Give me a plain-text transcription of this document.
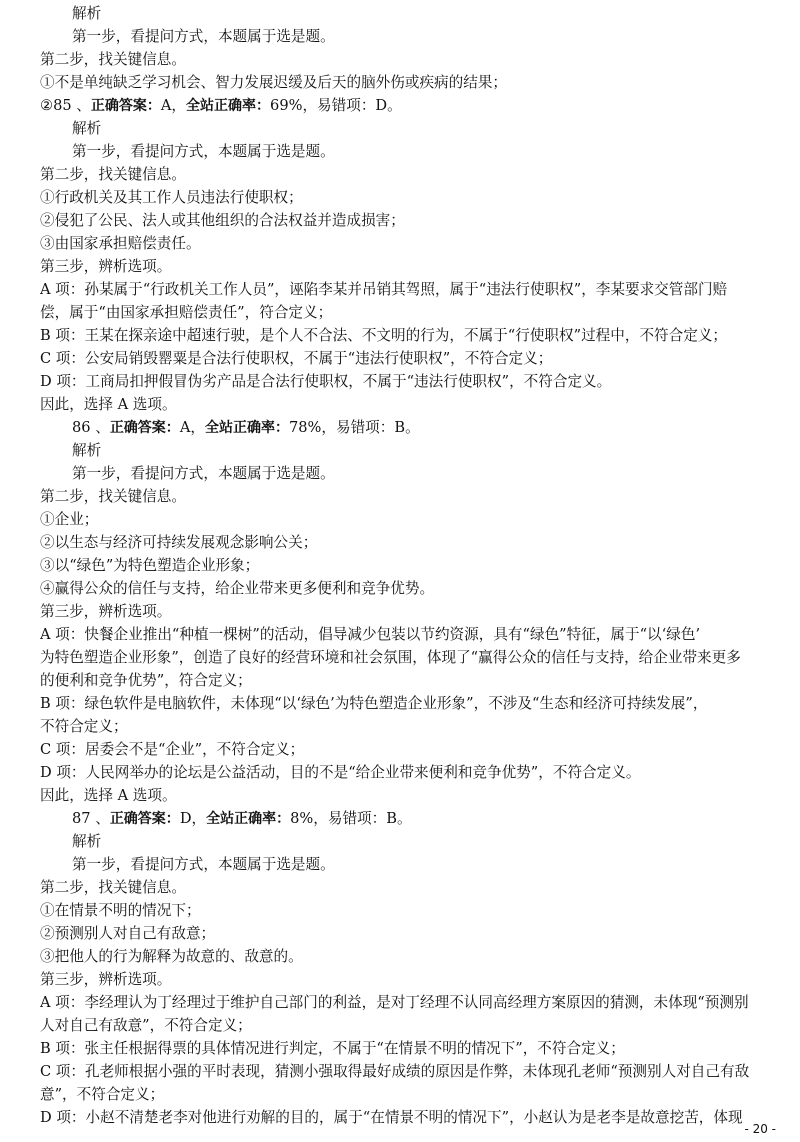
解析
第一步，看提问方式，本题属于选是题。
第二步，找关键信息。
①不是单纯缺乏学习机会、智力发展迟缓及后天的脑外伤或疾病的结果；
②85 、正确答案：A，全站正确率：69%，易错项：D。
解析
第一步，看提问方式，本题属于选是题。
第二步，找关键信息。
①行政机关及其工作人员违法行使职权；
②侵犯了公民、法人或其他组织的合法权益并造成损害；
③由国家承担赔偿责任。
第三步，辨析选项。
A 项：孙某属于“行政机关工作人员”，诬陷李某并吊销其驾照，属于“违法行使职权”，李某要求交管部门赔
偿，属于“由国家承担赔偿责任”，符合定义；
B 项：王某在探亲途中超速行驶，是个人不合法、不文明的行为，不属于“行使职权”过程中，不符合定义；
C 项：公安局销毁罂粟是合法行使职权，不属于“违法行使职权”，不符合定义；
D 项：工商局扣押假冒伪劣产品是合法行使职权，不属于“违法行使职权”，不符合定义。
因此，选择 A 选项。
86 、正确答案：A，全站正确率：78%，易错项：B。
解析
第一步，看提问方式，本题属于选是题。
第二步，找关键信息。
①企业；
②以生态与经济可持续发展观念影响公关；
③以“绿色”为特色塑造企业形象；
④赢得公众的信任与支持，给企业带来更多便利和竞争优势。
第三步，辨析选项。
A 项：快餐企业推出“种植一棵树”的活动，倡导减少包装以节约资源，具有“绿色”特征，属于“以‘绿色’
为特色塑造企业形象”，创造了良好的经营环境和社会氛围，体现了“赢得公众的信任与支持，给企业带来更多
的便利和竞争优势”，符合定义；
B 项：绿色软件是电脑软件，未体现“以‘绿色’为特色塑造企业形象”，不涉及“生态和经济可持续发展”，
不符合定义；
C 项：居委会不是“企业”，不符合定义；
D 项：人民网举办的论坛是公益活动，目的不是“给企业带来便利和竞争优势”，不符合定义。
因此，选择 A 选项。
87 、正确答案：D，全站正确率：8%，易错项：B。
解析
第一步，看提问方式，本题属于选是题。
第二步，找关键信息。
①在情景不明的情况下；
②预测别人对自己有敌意；
③把他人的行为解释为故意的、敌意的。
第三步，辨析选项。
A 项：李经理认为丁经理过于维护自己部门的利益，是对丁经理不认同高经理方案原因的猜测，未体现“预测别
人对自己有敌意”，不符合定义；
B 项：张主任根据得票的具体情况进行判定，不属于“在情景不明的情况下”，不符合定义；
C 项：孔老师根据小强的平时表现，猜测小强取得最好成绩的原因是作弊，未体现孔老师“预测别人对自己有敌
意”，不符合定义；
D 项：小赵不清楚老李对他进行劝解的目的，属于“在情景不明的情况下”，小赵认为是老李是故意挖苦，体现
- 20 -
